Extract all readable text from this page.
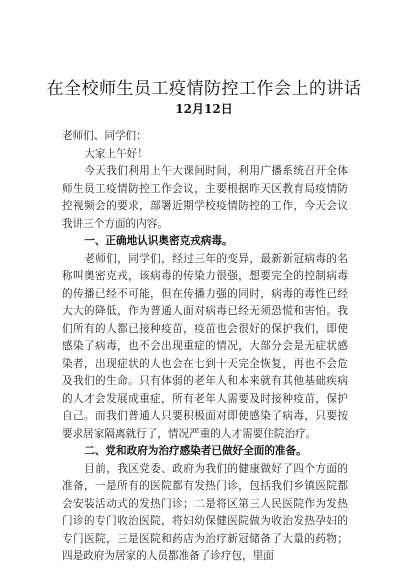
在全校师生员工疫情防控工作会上的讲话
12月12日

老师们、同学们：

大家上午好！

今天我们利用上午大课间时间，利用广播系统召开全体师生员工疫情防控工作会议，主要根据昨天区教育局疫情防控视频会的要求，部署近期学校疫情防控的工作，今天会议我讲三个方面的内容。

一、正确地认识奥密克戎病毒。

老师们，同学们，经过三年的变异，最新新冠病毒的名称叫奥密克戎，该病毒的传染力很强，想要完全的控制病毒的传播已经不可能，但在传播力强的同时，病毒的毒性已经大大的降低，作为普通人面对病毒已经无须恐慌和害怕。我们所有的人都已接种疫苗，疫苗也会很好的保护我们，即使感染了病毒，也不会出现重症的情况，大部分会是无症状感染者，出现症状的人也会在七到十天完全恢复，再也不会危及我们的生命。只有体弱的老年人和本来就有其他基础疾病的人才会发展成重症，所有老年人需要及时接种疫苗，保护自己。而我们普通人只要积极面对即使感染了病毒，只要按要求居家隔离就行了，情况严重的人才需要住院治疗。

二、党和政府为治疗感染者已做好全面的准备。

目前，我区党委、政府为我们的健康做好了四个方面的准备，一是所有的医院都有发热门诊，包括我们乡镇医院都会安装活动式的发热门诊；二是将区第三人民医院作为发热门诊的专门收治医院，将妇幼保健医院做为收治发热孕妇的专门医院，三是医院和药店为治疗新冠储备了大量的药物；四是政府为居家的人员都准备了诊疗包，里面
